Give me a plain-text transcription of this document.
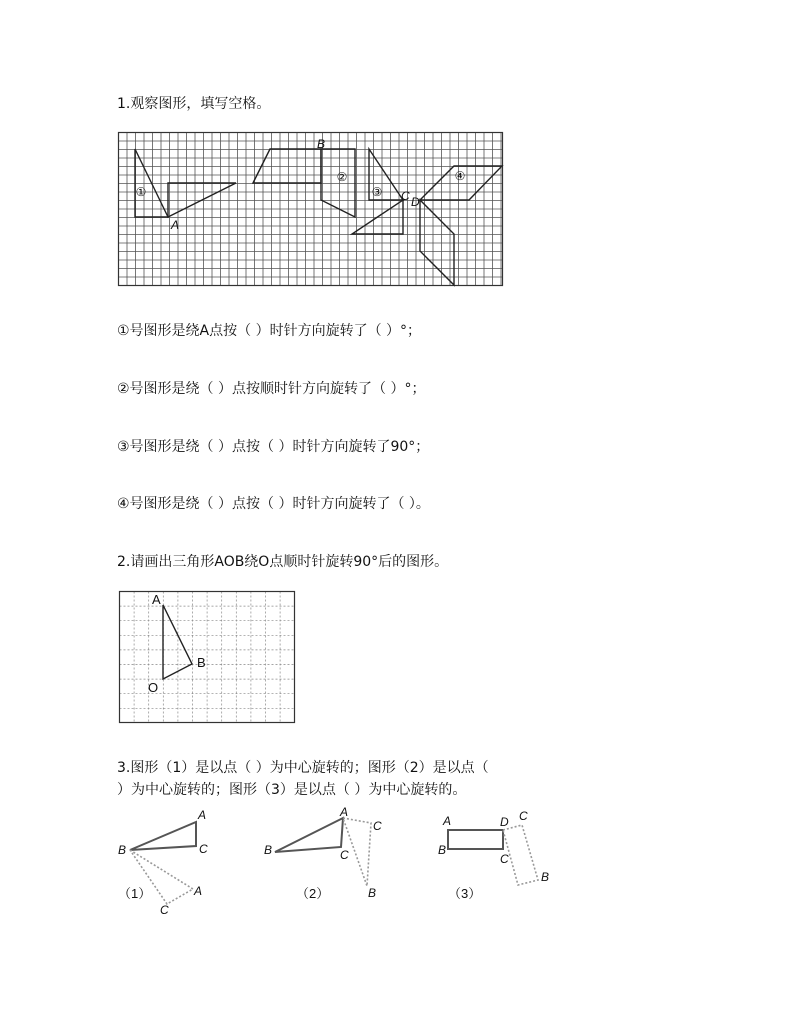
1.观察图形，填写空格。
①
②
③
④
A
B
C D
①号图形是绕A点按（ ）时针方向旋转了（ ）°；
②号图形是绕（ ）点按顺时针方向旋转了（ ）°；
③号图形是绕（ ）点按（ ）时针方向旋转了90°；
④号图形是绕（ ）点按（ ）时针方向旋转了（ ）。
2.请画出三角形AOB绕O点顺时针旋转90°后的图形。
A
B
O
3.图形（1）是以点（ ）为中心旋转的；图形（2）是以点（
）为中心旋转的；图形（3）是以点（ ）为中心旋转的。
A
B	C
A
C
（1）
A
B	C
C
B
（2）
A
B
D C
C
B
（3）
